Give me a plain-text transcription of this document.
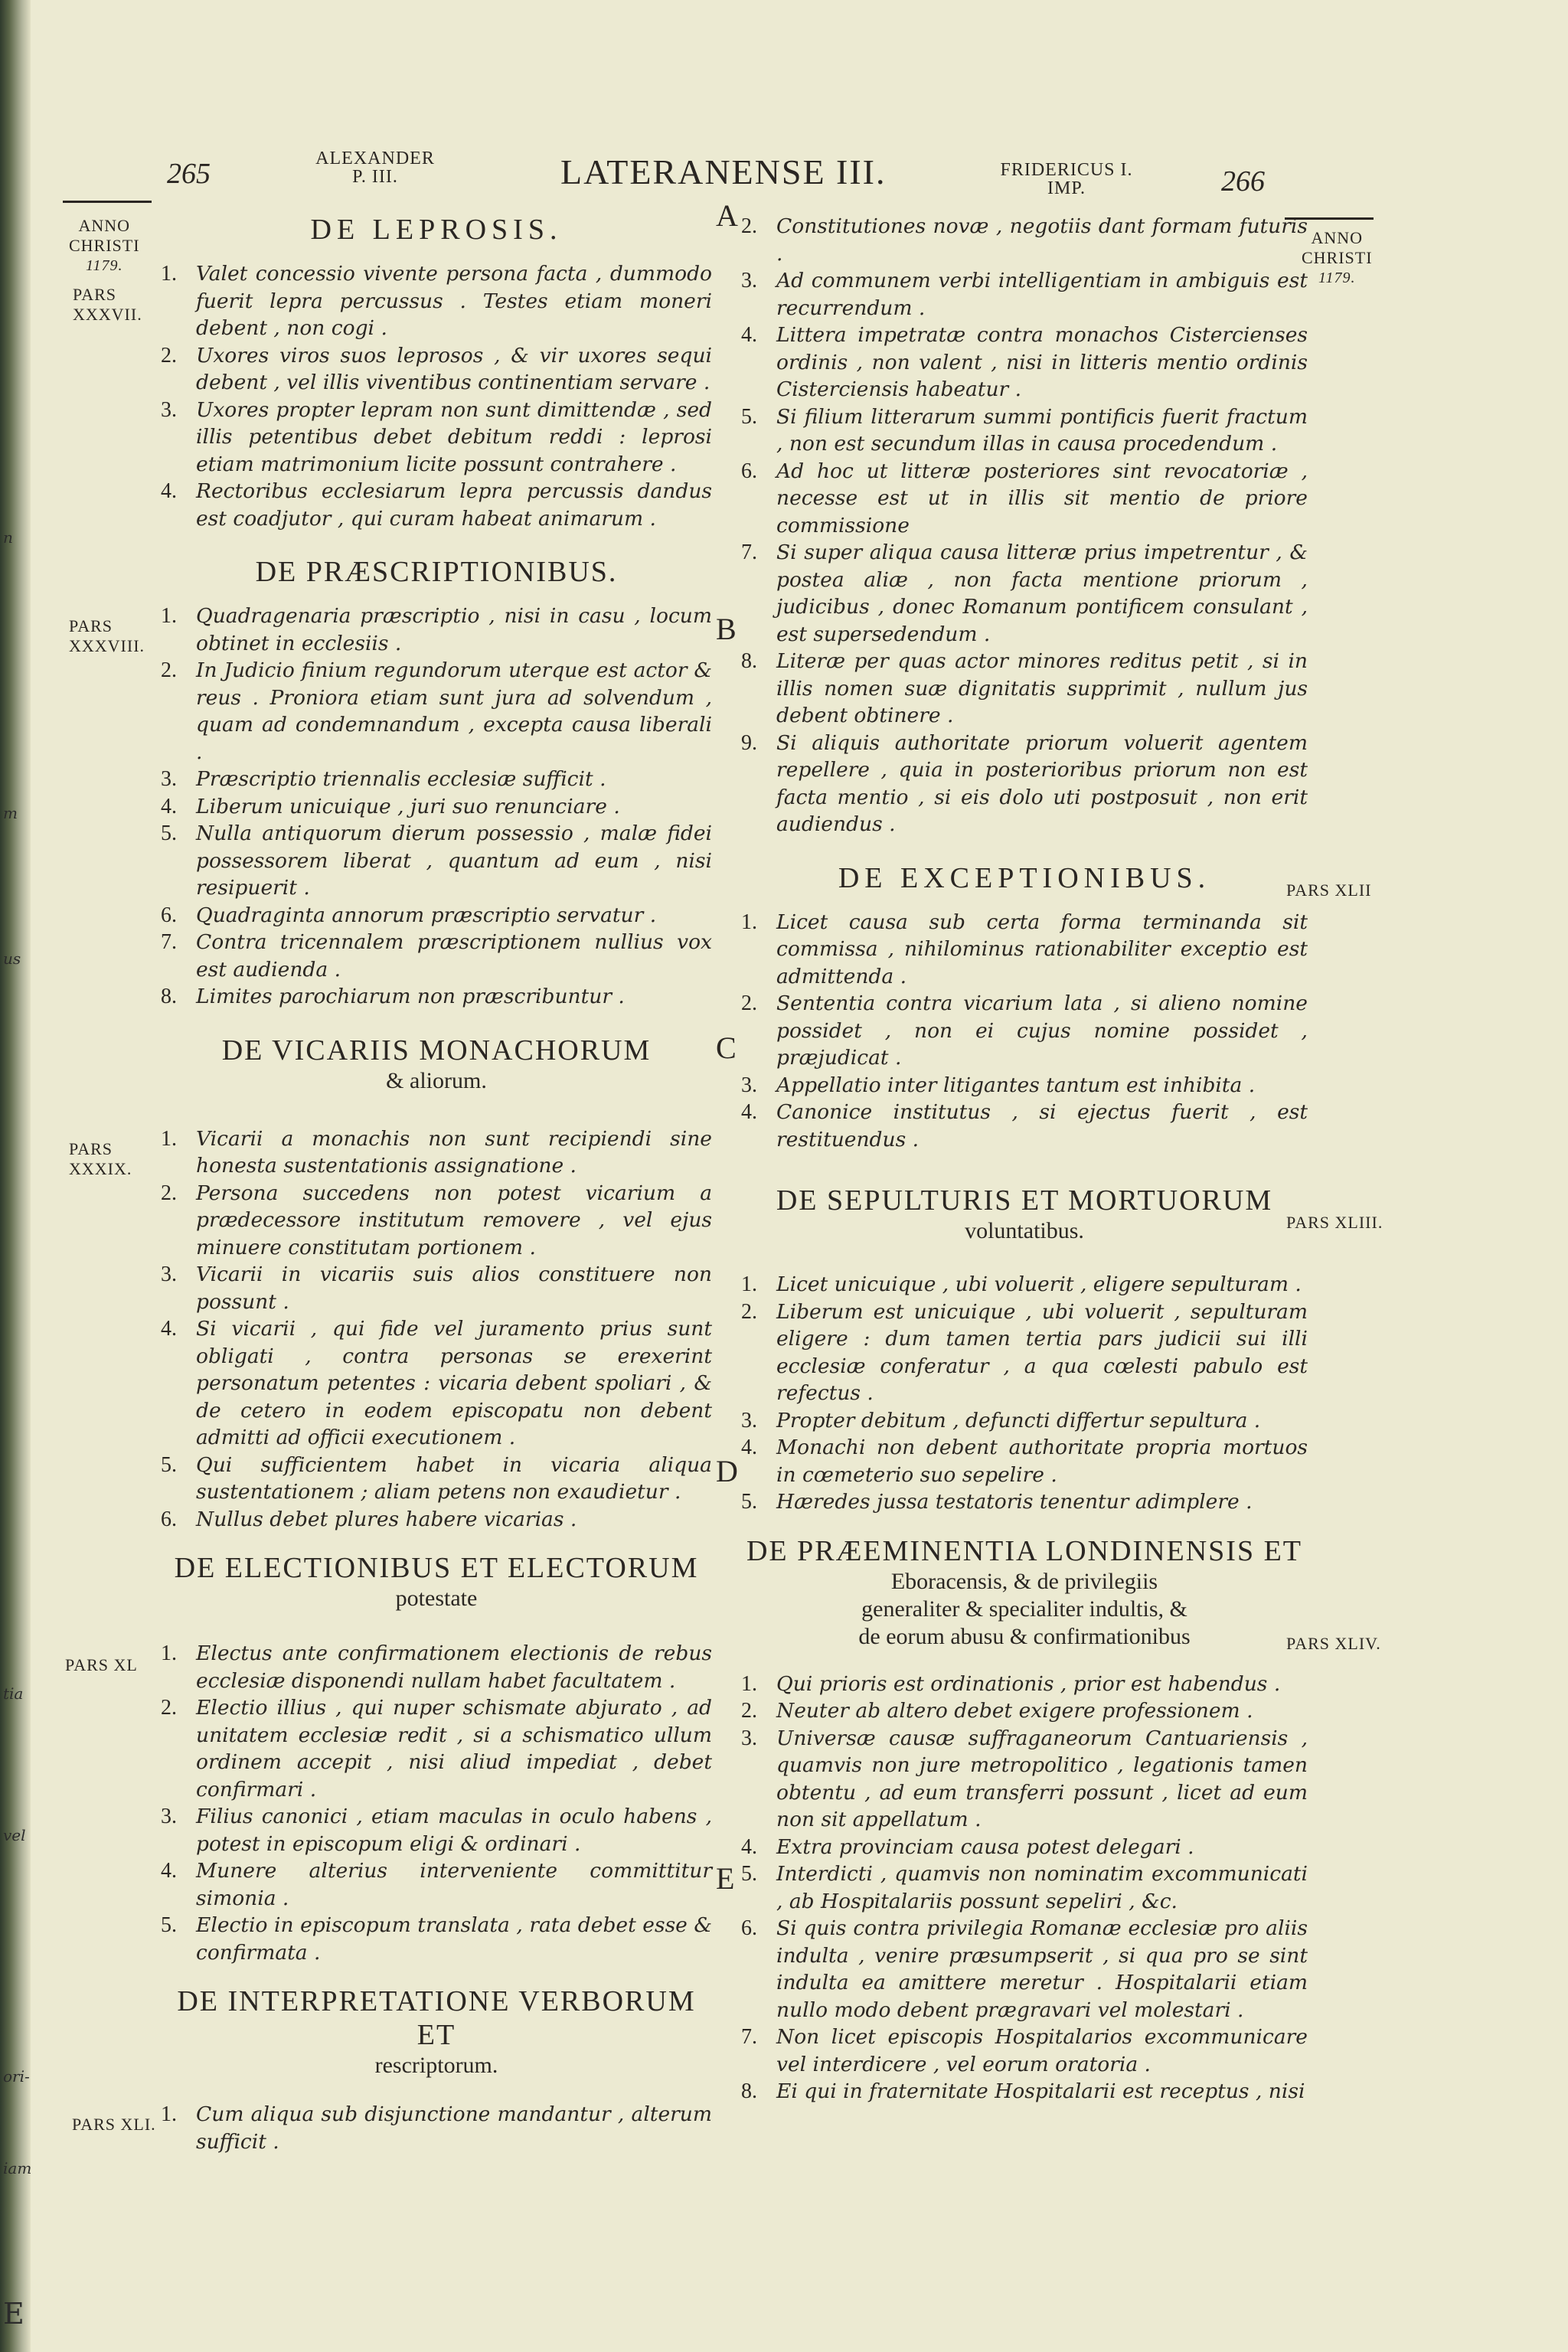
n
m
us
vel
tia
ori-
iam
E
265	ALEXANDER
P. III.	LATERANENSE III.	FRIDERICUS I.
IMP.	266
ANNO
CHRISTI
1179.
ANNO
CHRISTI
1179.
PARS
XXXVII.
PARS
XXXVIII.
PARS
XXXIX.
PARS XL
PARS XLI.
PARS XLII
PARS XLIII.
PARS XLIV.
A
B
C
D
E
DE LEPROSIS.
1. Valet concessio vivente persona facta , dummodo fuerit lepra percussus . Testes etiam moneri debent , non cogi .
2. Uxores viros suos leprosos , & vir uxores sequi debent , vel illis viventibus continentiam servare .
3. Uxores propter lepram non sunt dimittendæ , sed illis petentibus debet debitum reddi : leprosi etiam matrimonium licite possunt contrahere .
4. Rectoribus ecclesiarum lepra percussis dandus est coadjutor , qui curam habeat animarum .
DE PRÆSCRIPTIONIBUS.
1. Quadragenaria præscriptio , nisi in casu , locum obtinet in ecclesiis .
2. In Judicio finium regundorum uterque est actor & reus . Proniora etiam sunt jura ad solvendum , quam ad condemnandum , excepta causa liberali .
3. Præscriptio triennalis ecclesiæ sufficit .
4. Liberum unicuique , juri suo renunciare .
5. Nulla antiquorum dierum possessio , malæ fidei possessorem liberat , quantum ad eum , nisi resipuerit .
6. Quadraginta annorum præscriptio servatur .
7. Contra tricennalem præscriptionem nullius vox est audienda .
8. Limites parochiarum non præscribuntur .
DE VICARIIS MONACHORUM

& aliorum.

1. Vicarii a monachis non sunt recipiendi sine honesta sustentationis assignatione .
2. Persona succedens non potest vicarium a prædecessore institutum removere , vel ejus minuere constitutam portionem .
3. Vicarii in vicariis suis alios constituere non possunt .
4. Si vicarii , qui fide vel juramento prius sunt obligati , contra personas se erexerint personatum petentes : vicaria debent spoliari , & de cetero in eodem episcopatu non debent admitti ad officii executionem .
5. Qui sufficientem habet in vicaria aliqua sustentationem ; aliam petens non exaudietur .
6. Nullus debet plures habere vicarias .
DE ELECTIONIBUS ET ELECTORUM

potestate

1. Electus ante confirmationem electionis de rebus ecclesiæ disponendi nullam habet facultatem .
2. Electio illius , qui nuper schismate abjurato , ad unitatem ecclesiæ redit , si a schismatico ullum ordinem accepit , nisi aliud impediat , debet confirmari .
3. Filius canonici , etiam maculas in oculo habens , potest in episcopum eligi & ordinari .
4. Munere alterius interveniente committitur simonia .
5. Electio in episcopum translata , rata debet esse & confirmata .
DE INTERPRETATIONE VERBORUM ET

rescriptorum.

1. Cum aliqua sub disjunctione mandantur , alterum sufficit .
2. Constitutiones novæ , negotiis dant formam futuris .
3. Ad communem verbi intelligentiam in ambiguis est recurrendum .
4. Littera impetratæ contra monachos Cistercienses ordinis , non valent , nisi in litteris mentio ordinis Cisterciensis habeatur .
5. Si filium litterarum summi pontificis fuerit fractum , non est secundum illas in causa procedendum .
6. Ad hoc ut litteræ posteriores sint revocatoriæ , necesse est ut in illis sit mentio de priore commissione
7. Si super aliqua causa litteræ prius impetrentur , & postea aliæ , non facta mentione priorum , judicibus , donec Romanum pontificem consulant , est supersedendum .
8. Literæ per quas actor minores reditus petit , si in illis nomen suæ dignitatis supprimit , nullum jus debent obtinere .
9. Si aliquis authoritate priorum voluerit agentem repellere , quia in posterioribus priorum non est facta mentio , si eis dolo uti postposuit , non erit audiendus .
DE EXCEPTIONIBUS.
1. Licet causa sub certa forma terminanda sit commissa , nihilominus rationabiliter exceptio est admittenda .
2. Sententia contra vicarium lata , si alieno nomine possidet , non ei cujus nomine possidet , præjudicat .
3. Appellatio inter litigantes tantum est inhibita .
4. Canonice institutus , si ejectus fuerit , est restituendus .
DE SEPULTURIS ET MORTUORUM

voluntatibus.

1. Licet unicuique , ubi voluerit , eligere sepulturam .
2. Liberum est unicuique , ubi voluerit , sepulturam eligere : dum tamen tertia pars judicii sui illi ecclesiæ conferatur , a qua cœlesti pabulo est refectus .
3. Propter debitum , defuncti differtur sepultura .
4. Monachi non debent authoritate propria mortuos in cœmeterio suo sepelire .
5. Hæredes jussa testatoris tenentur adimplere .
DE PRÆEMINENTIA LONDINENSIS ET

Eboracensis, & de privilegiis generaliter & specialiter indultis, & de eorum abusu & confirmationibus

1. Qui prioris est ordinationis , prior est habendus .
2. Neuter ab altero debet exigere professionem .
3. Universæ causæ suffraganeorum Cantuariensis , quamvis non jure metropolitico , legationis tamen obtentu , ad eum transferri possunt , licet ad eum non sit appellatum .
4. Extra provinciam causa potest delegari .
5. Interdicti , quamvis non nominatim excommunicati , ab Hospitalariis possunt sepeliri , &c.
6. Si quis contra privilegia Romanæ ecclesiæ pro aliis indulta , venire præsumpserit , si qua pro se sint indulta ea amittere meretur . Hospitalarii etiam nullo modo debent prægravari vel molestari .
7. Non licet episcopis Hospitalarios excommunicare vel interdicere , vel eorum oratoria .
8. Ei qui in fraternitate Hospitalarii est receptus , nisi
